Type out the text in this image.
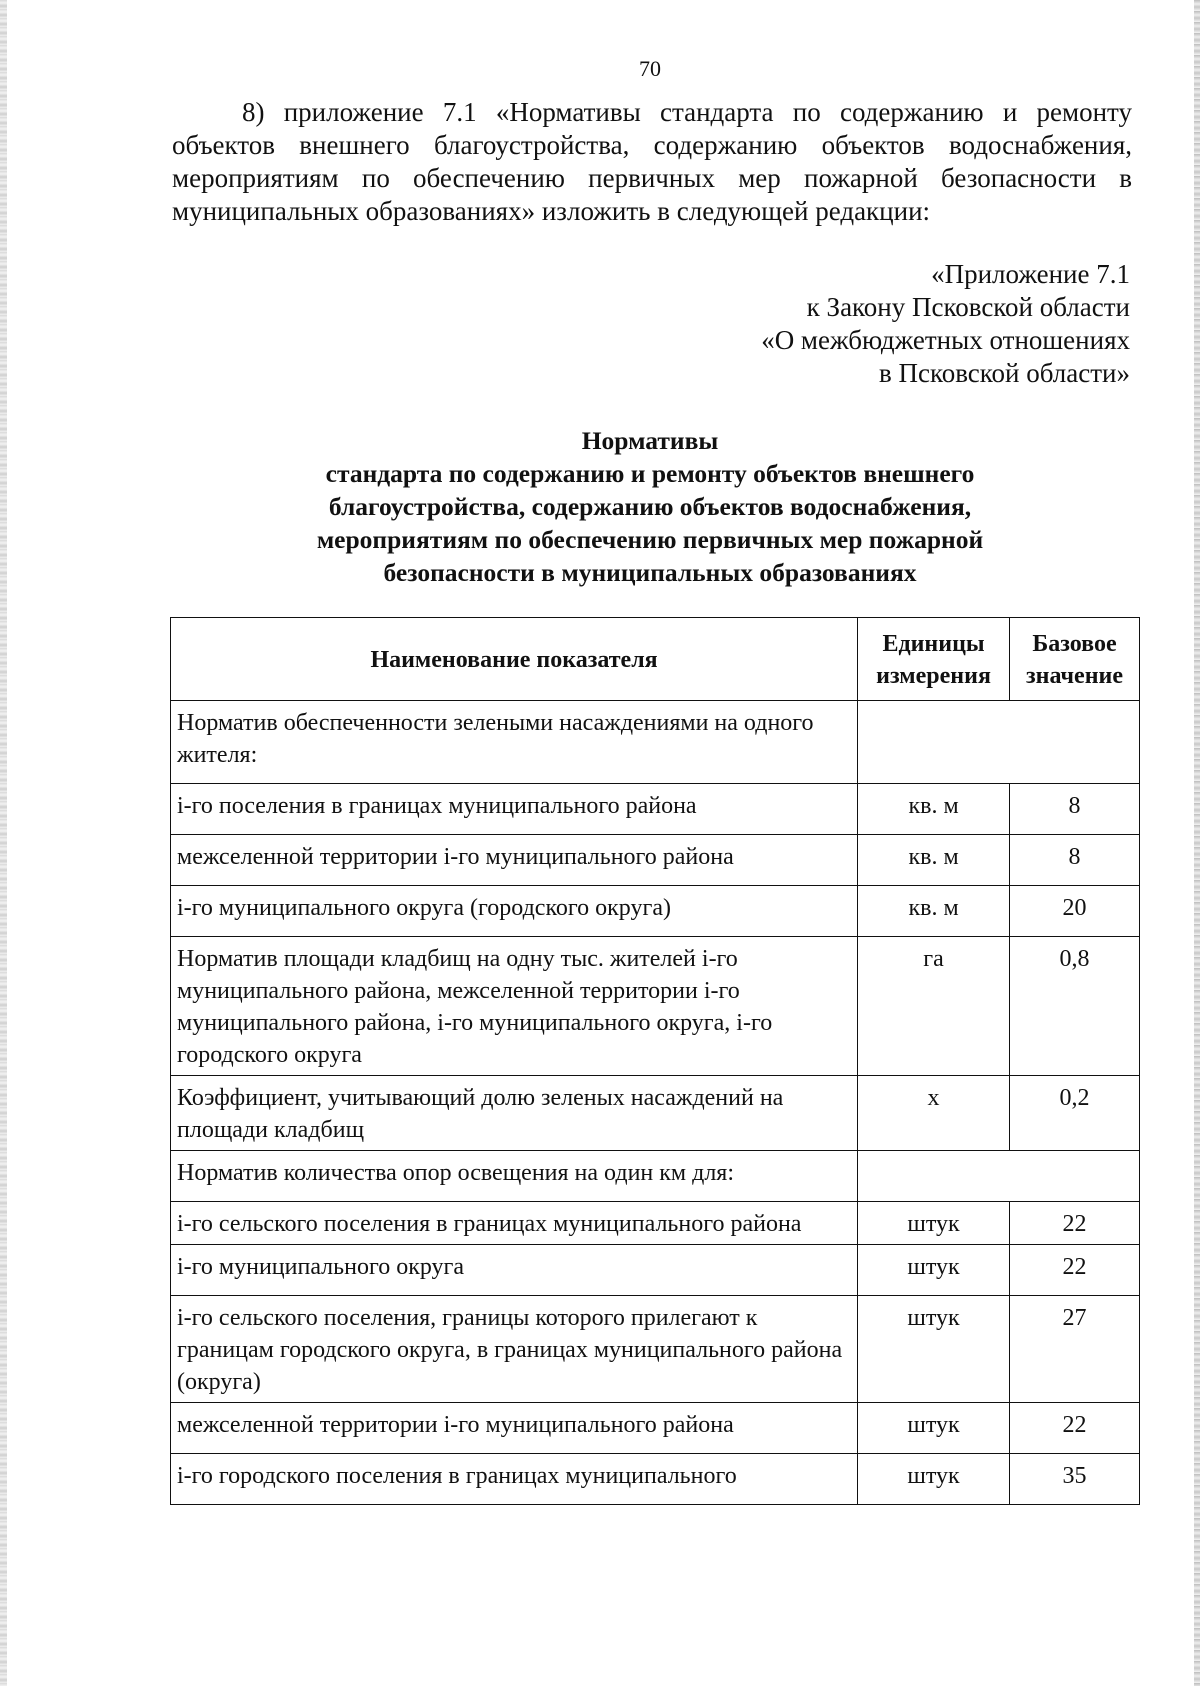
70

8) приложение 7.1 «Нормативы стандарта по содержанию и ремонту объектов внешнего благоустройства, содержанию объектов водоснабжения, мероприятиям по обеспечению первичных мер пожарной безопасности в муниципальных образованиях» изложить в следующей редакции:

«Приложение 7.1
к Закону Псковской области
«О межбюджетных отношениях
в Псковской области»
Нормативы
стандарта по содержанию и ремонту объектов внешнего
благоустройства, содержанию объектов водоснабжения,
мероприятиям по обеспечению первичных мер пожарной
безопасности в муниципальных образованиях
Наименование показателя	Единицы измерения	Базовое значение
Норматив обеспеченности зелеными насаждениями на одного жителя:		
i-го поселения в границах муниципального района	кв. м	8
межселенной территории i-го муниципального района	кв. м	8
i-го муниципального округа (городского округа)	кв. м	20
Норматив площади кладбищ на одну тыс. жителей i-го муниципального района, межселенной территории i-го муниципального района, i-го муниципального округа, i-го городского округа	га	0,8
Коэффициент, учитывающий долю зеленых насаждений на площади кладбищ	х	0,2
Норматив количества опор освещения на один км для:		
i-го сельского поселения в границах муниципального района	штук	22
i-го муниципального округа	штук	22
i-го сельского поселения, границы которого прилегают к границам городского округа, в границах муниципального района (округа)	штук	27
межселенной территории i-го муниципального района	штук	22
i-го городского поселения в границах муниципального	штук	35
